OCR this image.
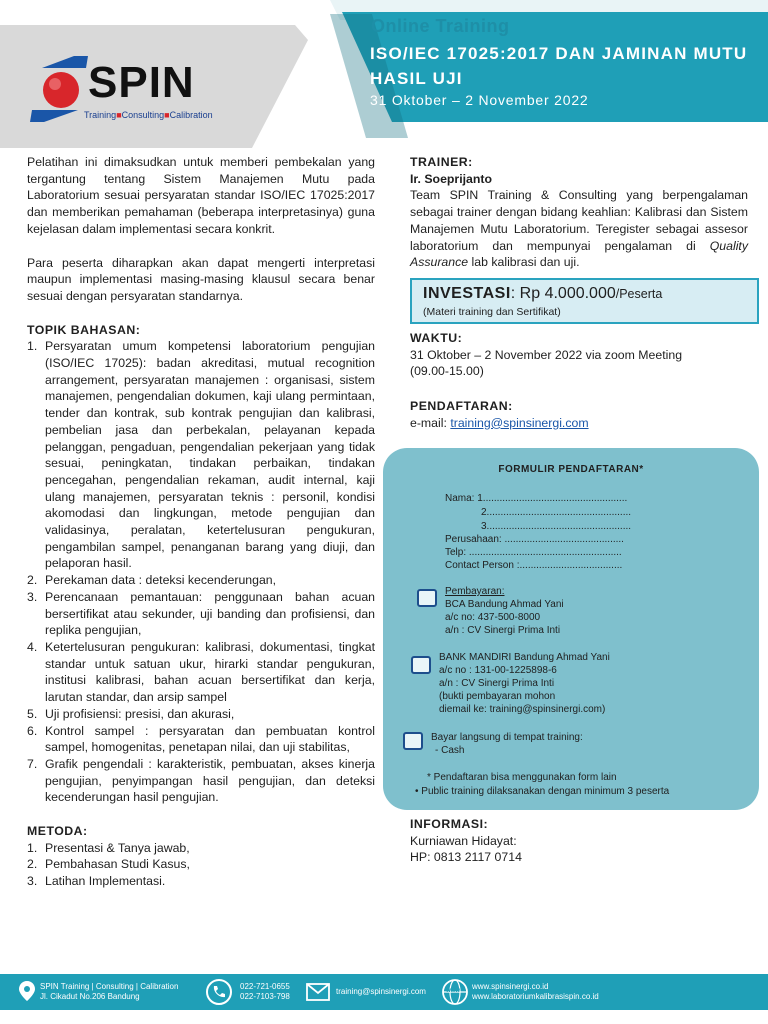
SPIN
Training■Consulting■Calibration
Online Training
ISO/IEC 17025:2017 DAN JAMINAN MUTU HASIL UJI
31 Oktober – 2 November 2022

Pelatihan ini dimaksudkan untuk memberi pembekalan yang tergantung tentang Sistem Manajemen Mutu pada Laboratorium sesuai persyaratan standar ISO/IEC 17025:2017 dan memberikan pemahaman (beberapa interpretasinya) guna kejelasan dalam implementasi secara konkrit.

Para peserta diharapkan akan dapat mengerti interpretasi maupun implementasi masing-masing klausul secara benar sesuai dengan persyaratan standarnya.

TOPIK BAHASAN:

1. Persyaratan umum kompetensi laboratorium pengujian (ISO/IEC 17025): badan akreditasi, mutual recognition arrangement, persyaratan manajemen : organisasi, sistem manajemen, pengendalian dokumen, kaji ulang permintaan, tender dan kontrak, sub kontrak pengujian dan kalibrasi, pembelian jasa dan perbekalan, pelayanan kepada pelanggan, pengaduan, pengendalian pekerjaan yang tidak sesuai, peningkatan, tindakan perbaikan, tindakan pencegahan, pengendalian rekaman, audit internal, kaji ulang manajemen, persyaratan teknis : personil, kondisi akomodasi dan lingkungan, metode pengujian dan validasinya, peralatan, ketertelusuran pengukuran, pengambilan sampel, penanganan barang yang diuji, dan pelaporan hasil.
2. Perekaman data : deteksi kecenderungan,
3. Perencanaan pemantauan: penggunaan bahan acuan bersertifikat atau sekunder, uji banding dan profisiensi, dan replika pengujian,
4. Ketertelusuran pengukuran: kalibrasi, dokumentasi, tingkat standar untuk satuan ukur, hirarki standar pengukuran, institusi kalibrasi, bahan acuan bersertifikat dan kerja, larutan standar, dan arsip sampel
5. Uji profisiensi: presisi, dan akurasi,
6. Kontrol sampel : persyaratan dan pembuatan kontrol sampel, homogenitas, penetapan nilai, dan uji stabilitas,
7. Grafik pengendali : karakteristik, pembuatan, akses kinerja pengujian, penyimpangan hasil pengujian, dan deteksi kecenderungan hasil pengujian.

METODA:

1. Presentasi & Tanya jawab,
2. Pembahasan Studi Kasus,
3. Latihan Implementasi.

TRAINER:

Ir. Soeprijanto

Team SPIN Training & Consulting yang berpengalaman sebagai trainer dengan bidang keahlian: Kalibrasi dan Sistem Manajemen Mutu Laboratorium. Teregister sebagai assesor laboratorium dan mempunyai pengalaman di Quality Assurance lab kalibrasi dan uji.

INVESTASI: Rp 4.000.000/Peserta
(Materi training dan Sertifikat)

WAKTU:

31 Oktober – 2 November 2022 via zoom Meeting

(09.00-15.00)

PENDAFTARAN:

e-mail: training@spinsinergi.com

FORMULIR PENDAFTARAN*
Nama: 1....................................................
2....................................................
3....................................................
Perusahaan: ...........................................
Telp: .......................................................
Contact Person :.....................................
Pembayaran:
BCA Bandung Ahmad Yani
a/c no: 437-500-8000
a/n : CV Sinergi Prima Inti
BANK MANDIRI Bandung Ahmad Yani
a/c no : 131-00-1225898-6
a/n : CV Sinergi Prima Inti
(bukti pembayaran mohon
diemail ke: training@spinsinergi.com)
Bayar langsung di tempat training:
- Cash
* Pendaftaran bisa menggunakan form lain
• Public training dilaksanakan dengan minimum 3 peserta

INFORMASI:

Kurniawan Hidayat:

HP: 0813 2117 0714

SPIN Training | Consulting | Calibration
Jl. Cikadut No.206 Bandung
022-721-0655
022-7103-798
training@spinsinergi.com	www www.spinsinergi.co.id
www.laboratoriumkalibrasispin.co.id
